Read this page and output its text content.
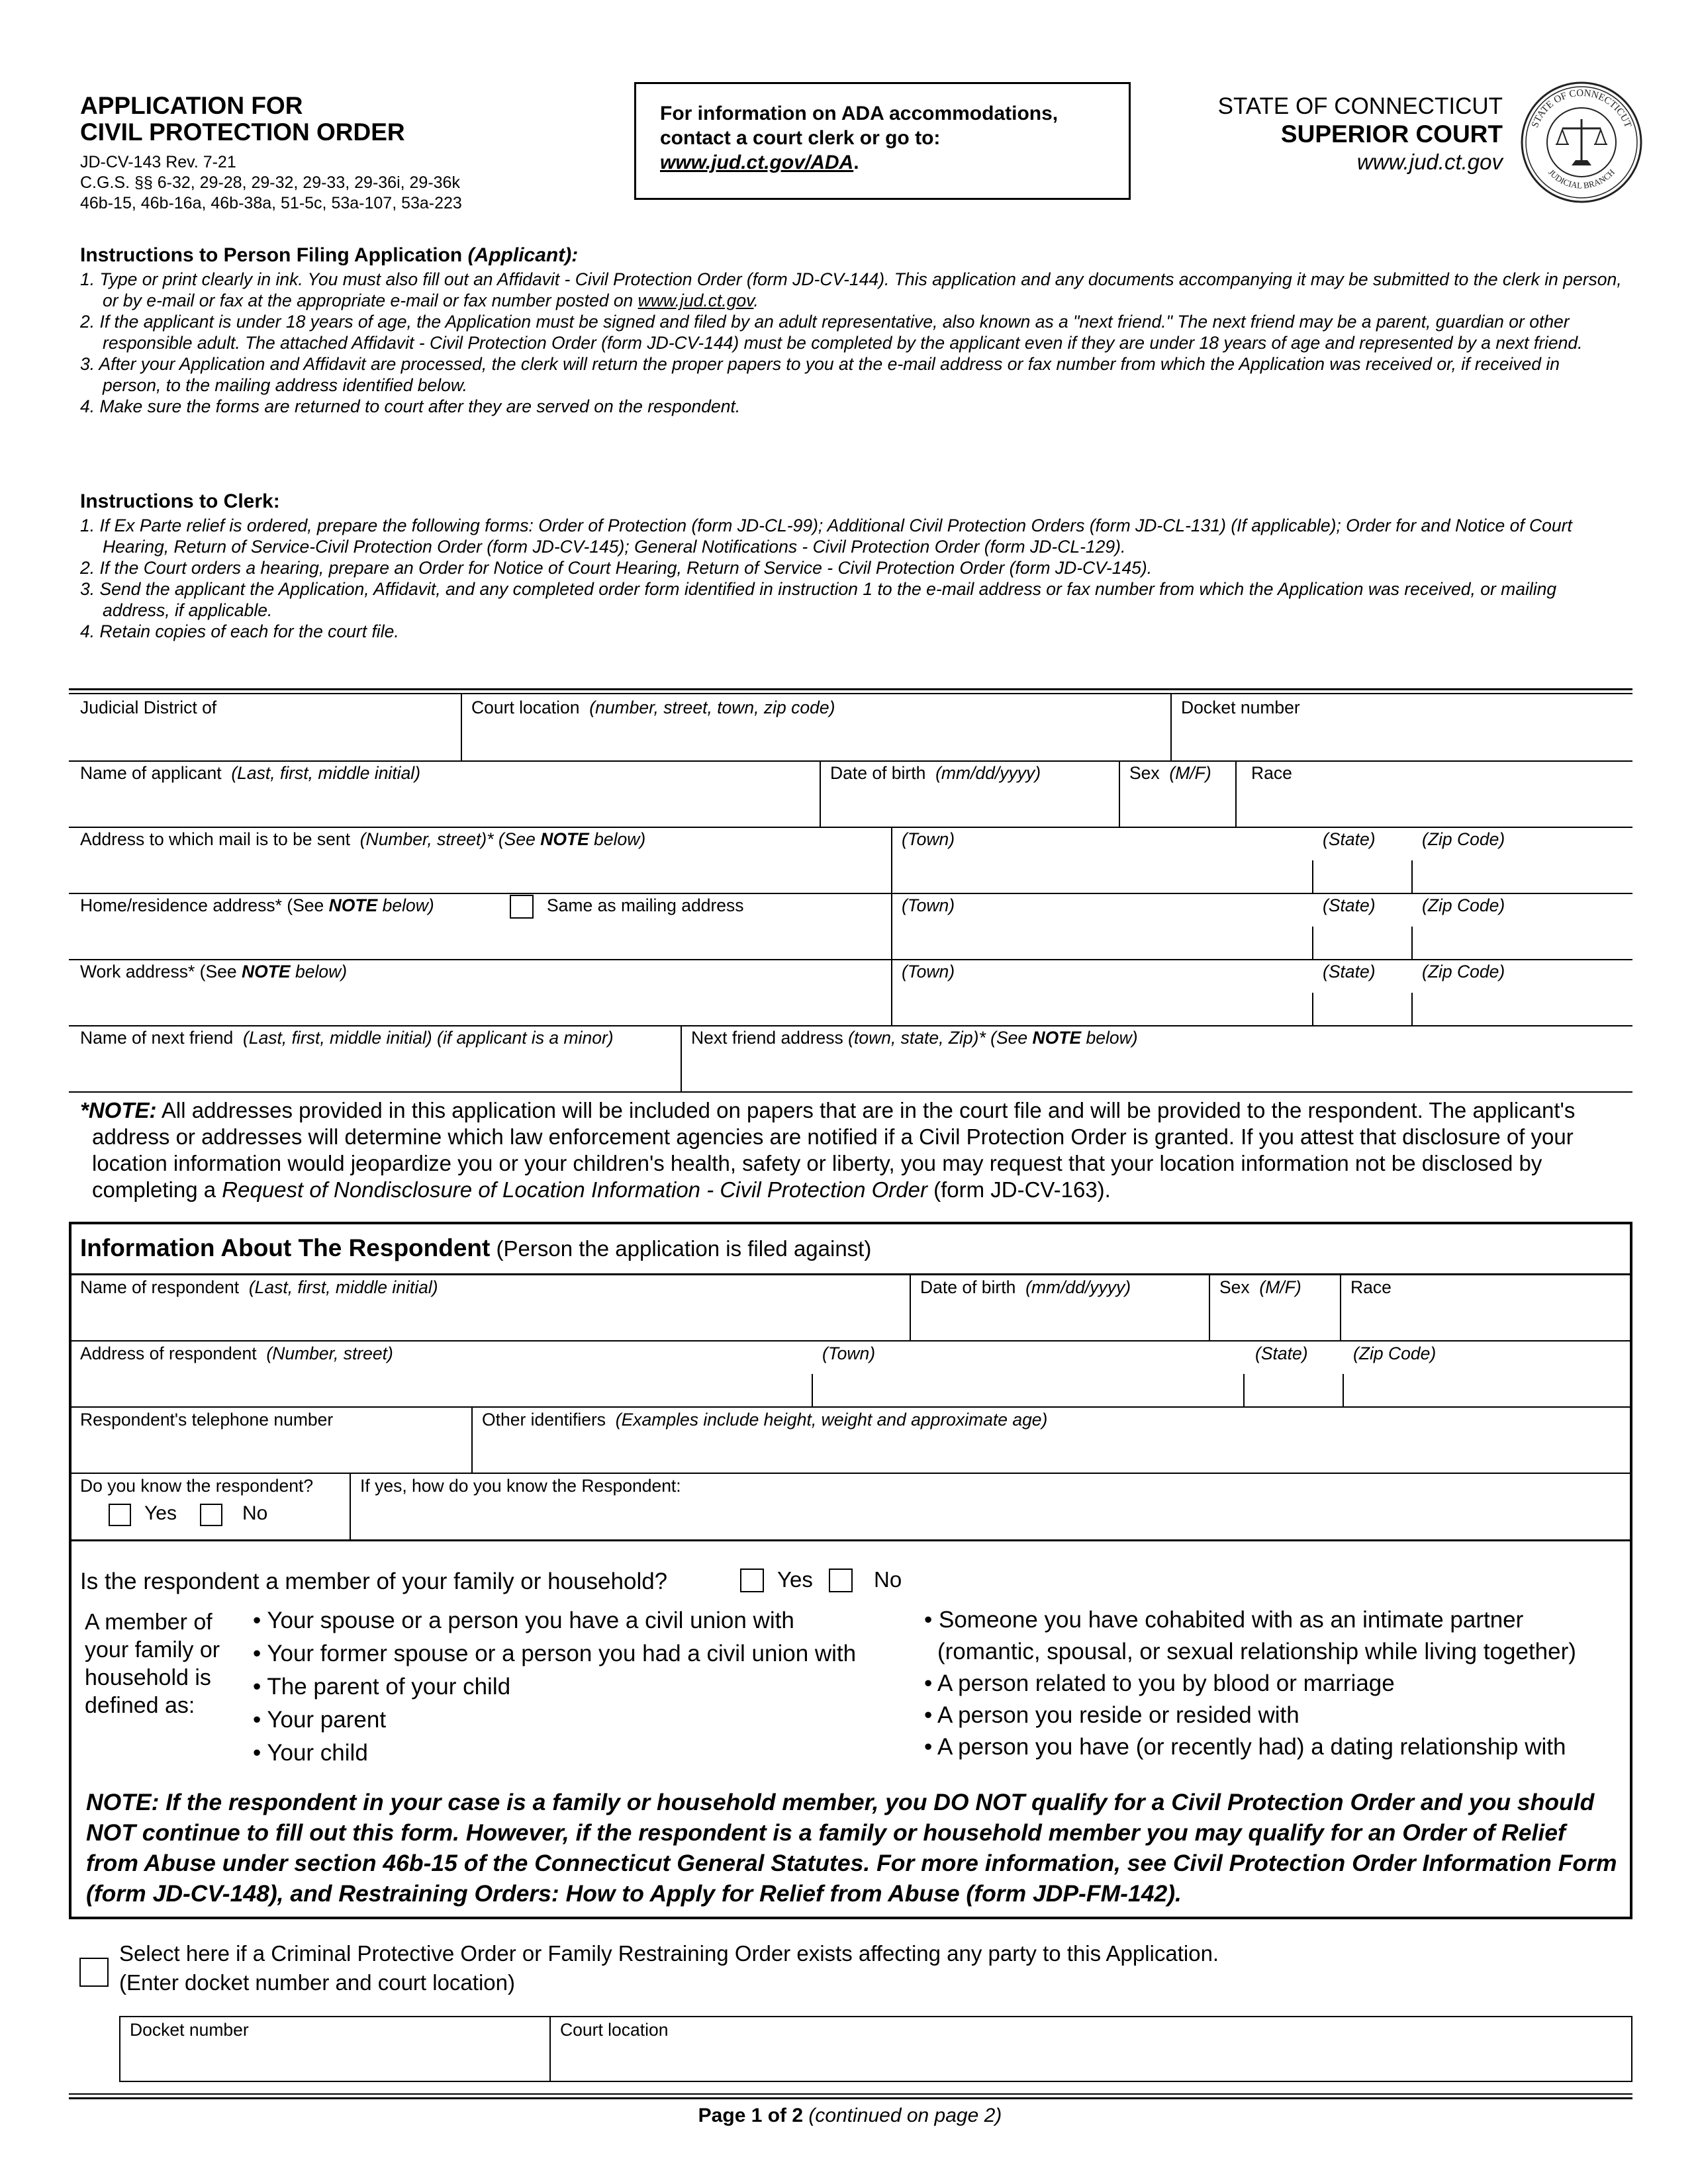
APPLICATION FOR
CIVIL PROTECTION ORDER
JD-CV-143 Rev. 7-21
C.G.S. §§ 6-32, 29-28, 29-32, 29-33, 29-36i, 29-36k
46b-15, 46b-16a, 46b-38a, 51-5c, 53a-107, 53a-223
For information on ADA accommodations,
contact a court clerk or go to:
www.jud.ct.gov/ADA.
STATE OF CONNECTICUT
SUPERIOR COURT
www.jud.ct.gov
STATE OF CONNECTICUT
JUDICIAL BRANCH
Instructions to Person Filing Application (Applicant):
1. Type or print clearly in ink. You must also fill out an Affidavit - Civil Protection Order (form JD-CV-144). This application and any documents accompanying it may be submitted to the clerk in person, or by e-mail or fax at the appropriate e-mail or fax number posted on www.jud.ct.gov.
2. If the applicant is under 18 years of age, the Application must be signed and filed by an adult representative, also known as a "next friend." The next friend may be a parent, guardian or other responsible adult. The attached Affidavit - Civil Protection Order (form JD-CV-144) must be completed by the applicant even if they are under 18 years of age and represented by a next friend.
3. After your Application and Affidavit are processed, the clerk will return the proper papers to you at the e-mail address or fax number from which the Application was received or, if received in person, to the mailing address identified below.
4. Make sure the forms are returned to court after they are served on the respondent.
Instructions to Clerk:
1. If Ex Parte relief is ordered, prepare the following forms: Order of Protection (form JD-CL-99); Additional Civil Protection Orders (form JD-CL-131) (If applicable); Order for and Notice of Court Hearing, Return of Service-Civil Protection Order (form JD-CV-145); General Notifications - Civil Protection Order (form JD-CL-129).
2. If the Court orders a hearing, prepare an Order for Notice of Court Hearing, Return of Service - Civil Protection Order (form JD-CV-145).
3. Send the applicant the Application, Affidavit, and any completed order form identified in instruction 1 to the e-mail address or fax number from which the Application was received, or mailing address, if applicable.
4. Retain copies of each for the court file.
Judicial District of	Court location (number, street, town, zip code)	Docket number
Name of applicant (Last, first, middle initial)	Date of birth (mm/dd/yyyy)	Sex (M/F) Race
Address to which mail is to be sent (Number, street)* (See NOTE below)	(Town)	(State)	(Zip Code)
Home/residence address* (See NOTE below)	Same as mailing address	(Town)	(State)	(Zip Code)
Work address* (See NOTE below)	(Town)	(State)	(Zip Code)
Name of next friend (Last, first, middle initial) (if applicant is a minor)	Next friend address (town, state, Zip)* (See NOTE below)

*NOTE: All addresses provided in this application will be included on papers that are in the court file and will be provided to the respondent. The applicant's address or addresses will determine which law enforcement agencies are notified if a Civil Protection Order is granted. If you attest that disclosure of your location information would jeopardize you or your children's health, safety or liberty, you may request that your location information not be disclosed by completing a Request of Nondisclosure of Location Information - Civil Protection Order (form JD-CV-163).

Information About The Respondent (Person the application is filed against)
Name of respondent (Last, first, middle initial)	Date of birth (mm/dd/yyyy)	Sex (M/F)	Race
Address of respondent (Number, street)	(Town)	(State)	(Zip Code)
Respondent's telephone number	Other identifiers (Examples include height, weight and approximate age)
Do you know the respondent?
Yes	No
If yes, how do you know the Respondent:
Is the respondent a member of your family or household?	Yes	No
A member of
your family or
household is
defined as:
• Your spouse or a person you have a civil union with
• Your former spouse or a person you had a civil union with
• The parent of your child
• Your parent
• Your child
• Someone you have cohabited with as an intimate partner
(romantic, spousal, or sexual relationship while living together)
• A person related to you by blood or marriage
• A person you reside or resided with
• A person you have (or recently had) a dating relationship with
NOTE: If the respondent in your case is a family or household member, you DO NOT qualify for a Civil Protection Order and you should NOT continue to fill out this form. However, if the respondent is a family or household member you may qualify for an Order of Relief from Abuse under section 46b-15 of the Connecticut General Statutes. For more information, see Civil Protection Order Information Form (form JD-CV-148), and Restraining Orders: How to Apply for Relief from Abuse (form JDP-FM-142).
Select here if a Criminal Protective Order or Family Restraining Order exists affecting any party to this Application.
(Enter docket number and court location)
Docket number	Court location
Page 1 of 2 (continued on page 2)
